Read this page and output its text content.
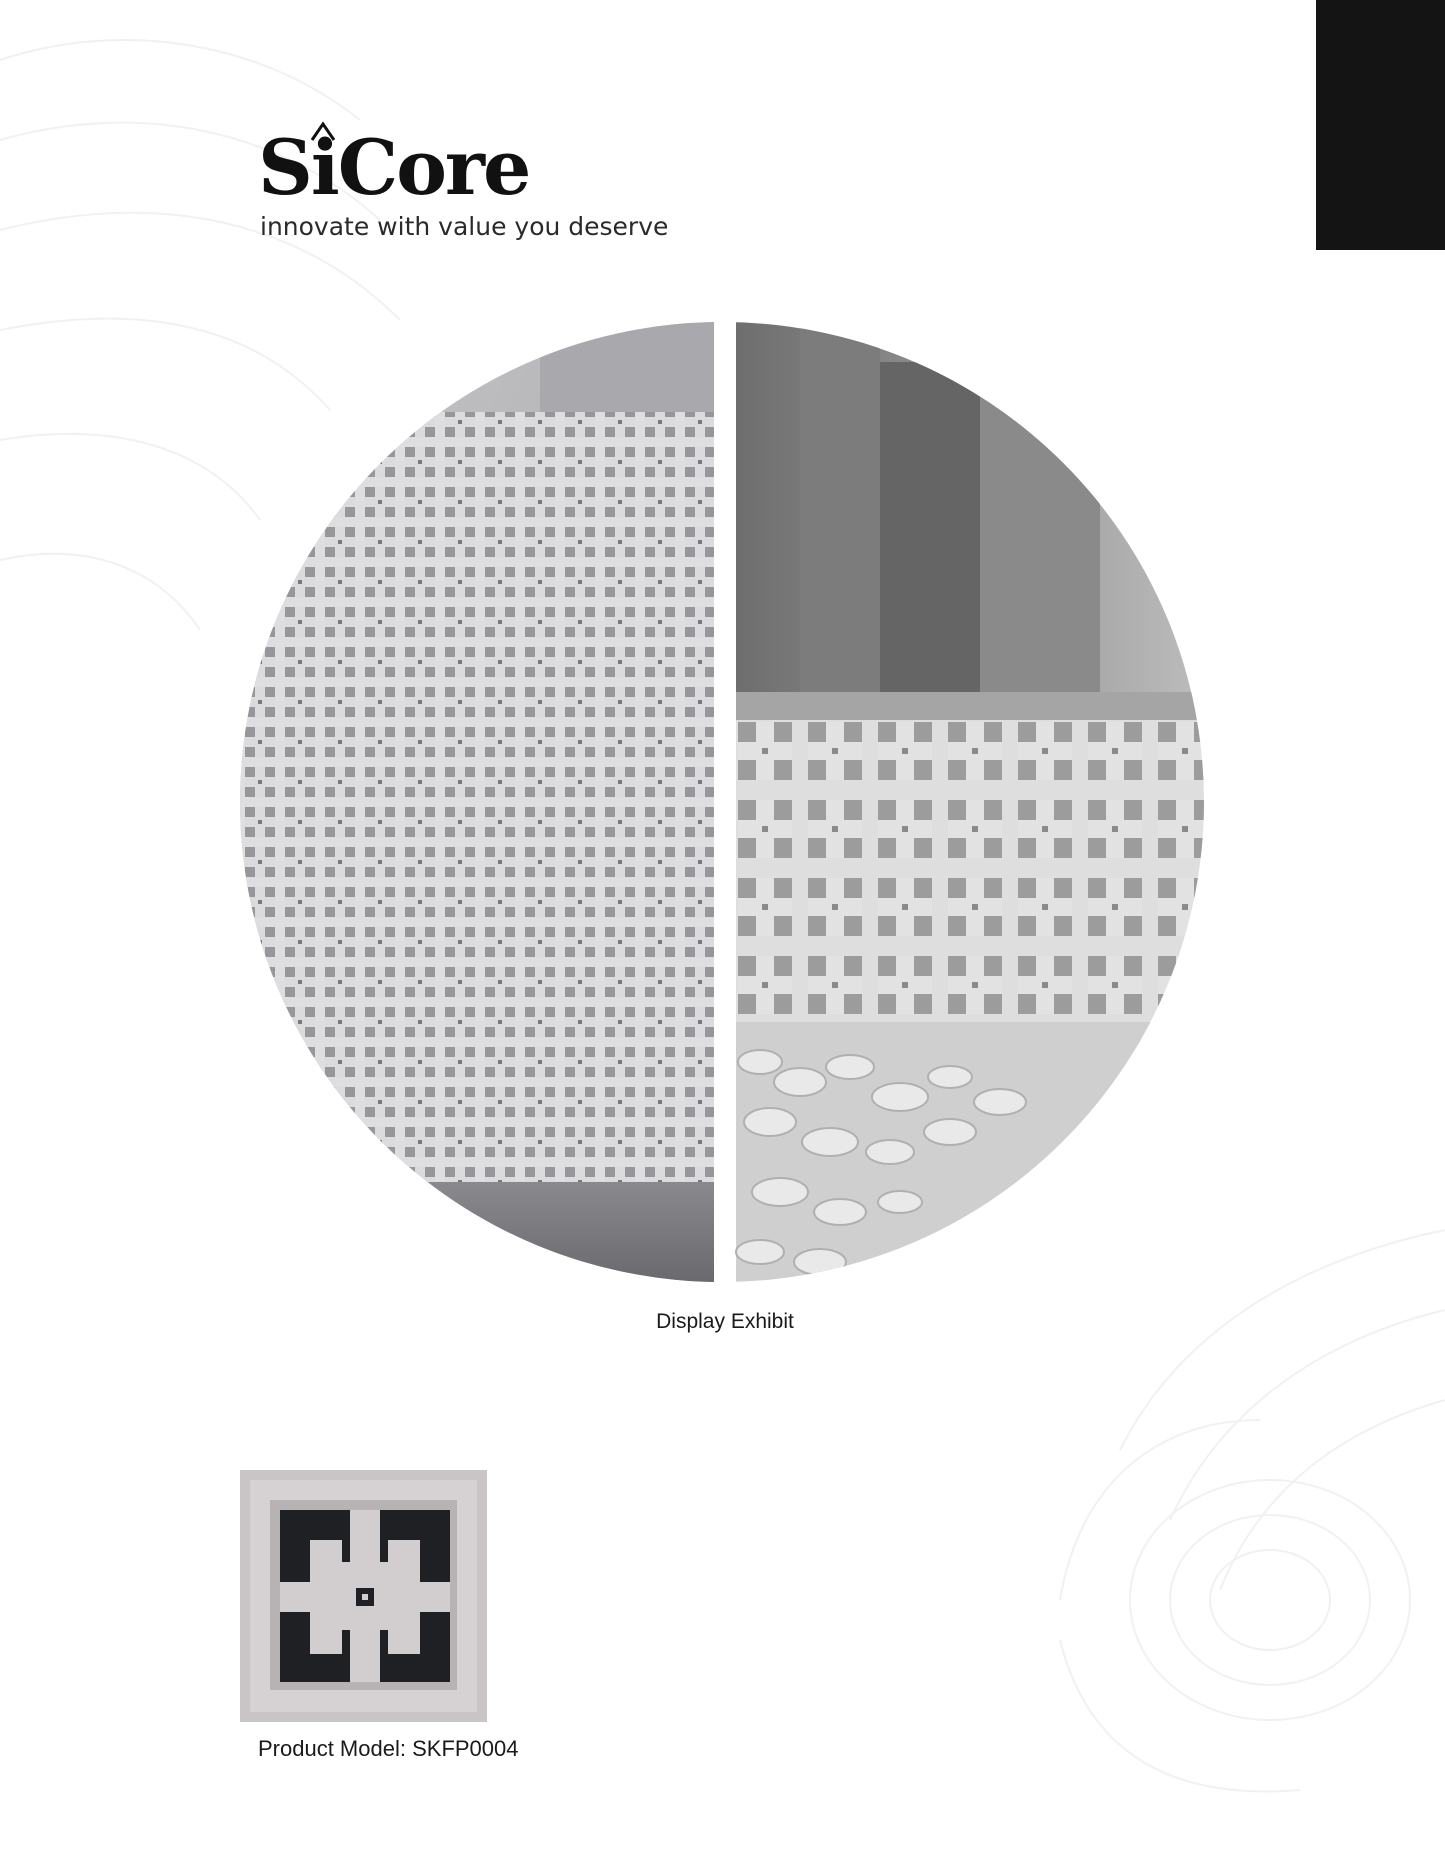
SiCore
innovate with value you deserve
Display Exhibit
Product Model: SKFP0004
